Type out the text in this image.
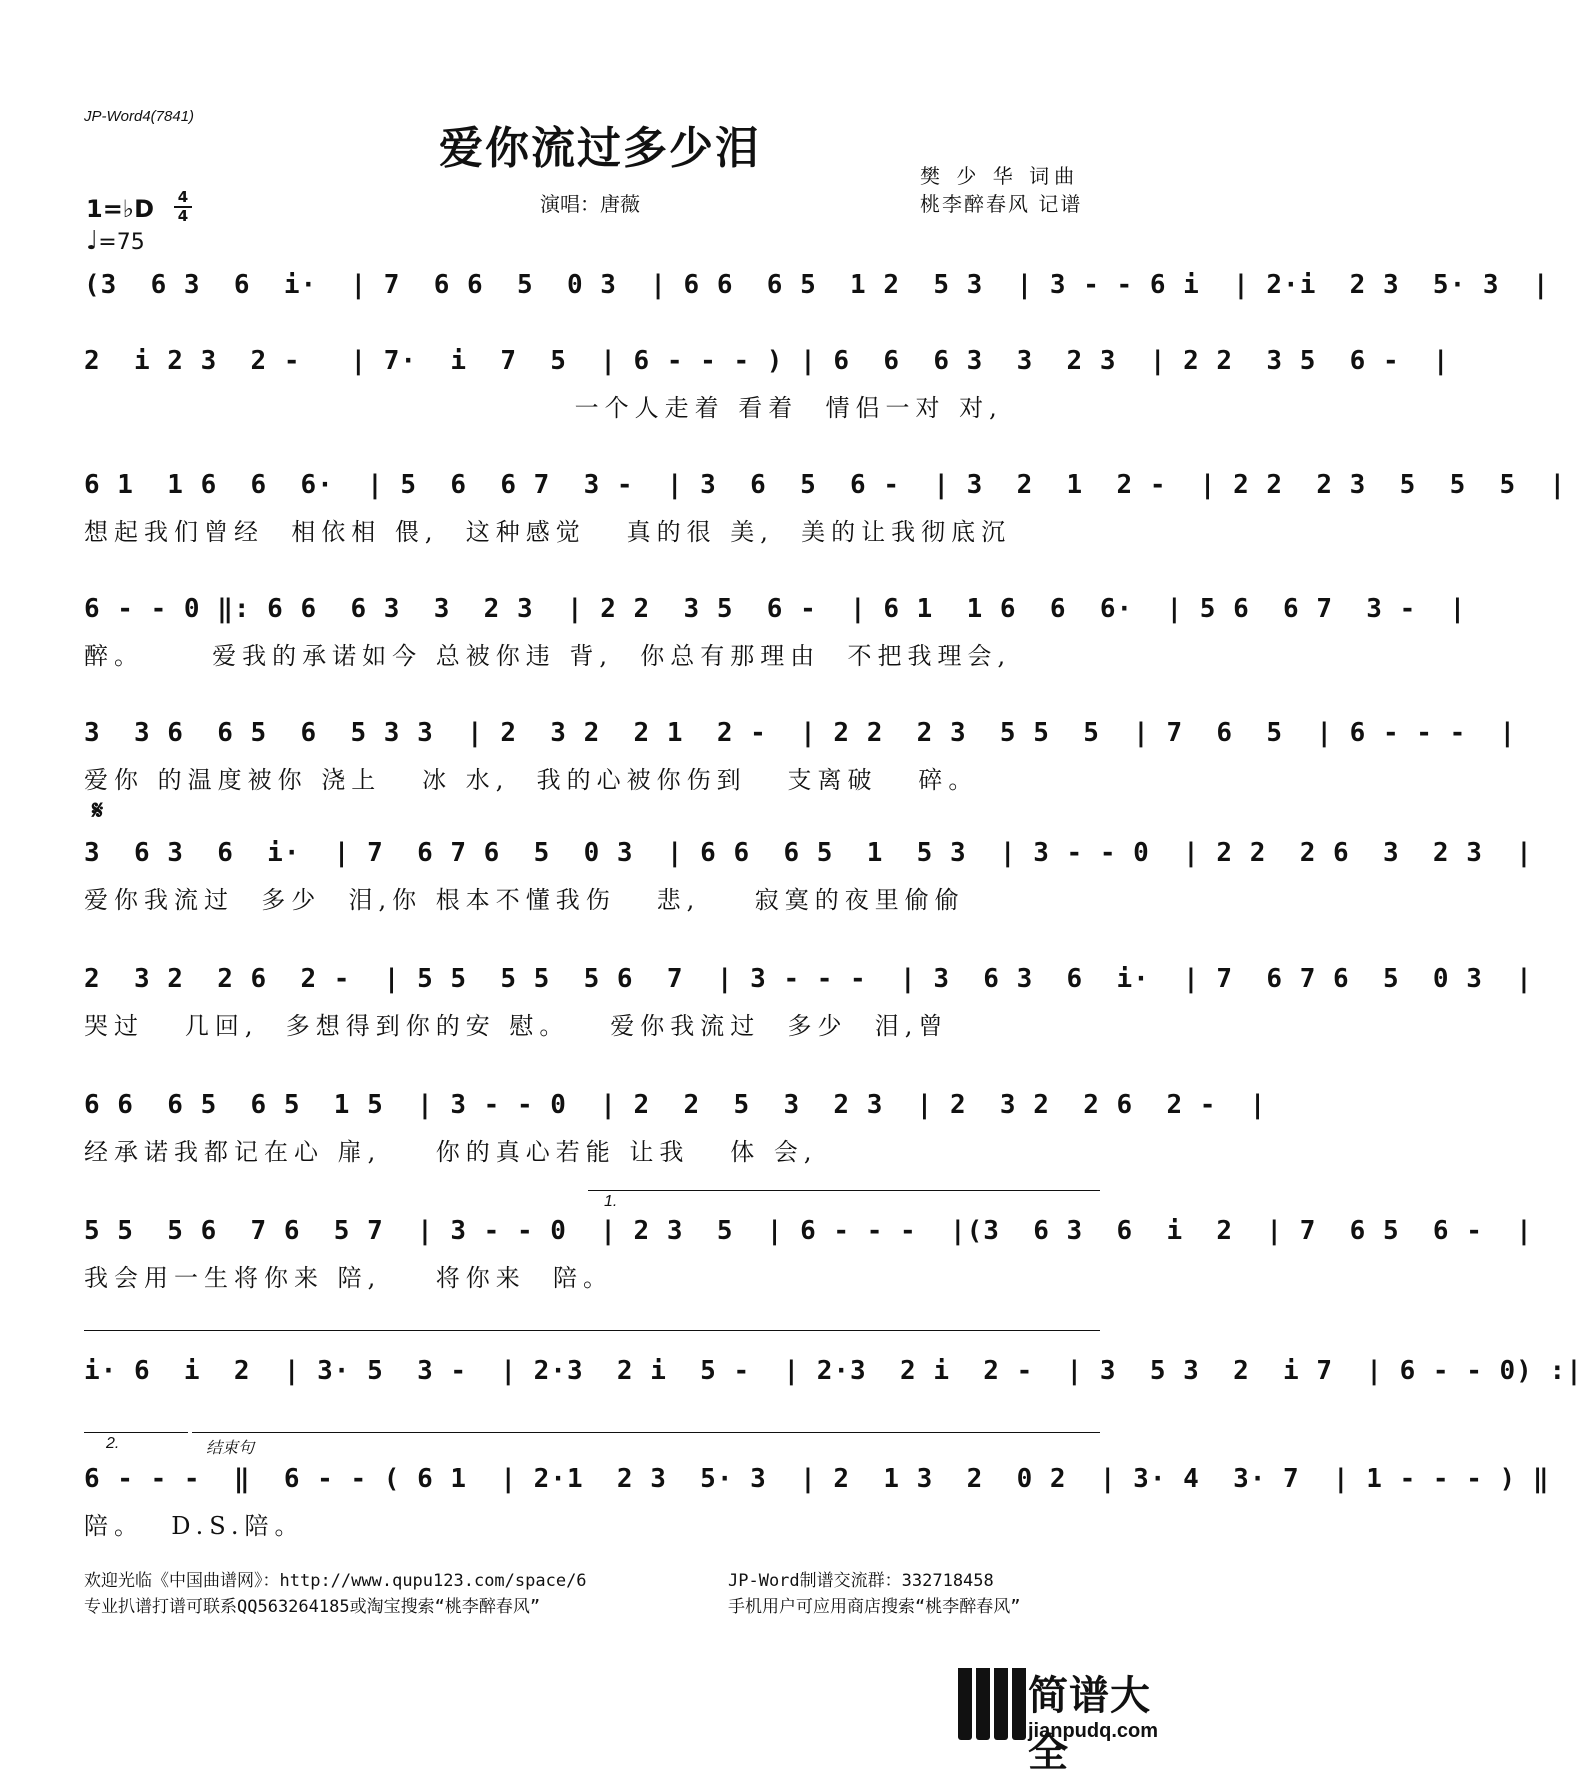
JP-Word4(7841)
爱你流过多少泪
演唱：唐薇
樊 少 华 词曲
桃李醉春风 记谱
1=♭D	4
4
♩=75
(3  6 3  6  i·  | 7  6 6  5  0 3  | 6 6  6 5  1 2  5 3  | 3 - - 6 i  | 2·i  2 3  5· 3  |
2  i 2 3  2 -   | 7·  i  7  5  | 6 - - - ) | 6  6  6 3  3  2 3  | 2 2  3 5  6 -  |
一个人走着 看着  情侣一对 对,
6 1  1 6  6  6·  | 5  6  6 7  3 -  | 3  6  5  6 -  | 3  2  1  2 -  | 2 2  2 3  5  5  5  |
想起我们曾经  相依相 偎,  这种感觉   真的很 美,  美的让我彻底沉
6 - - 0 ‖: 6 6  6 3  3  2 3  | 2 2  3 5  6 -  | 6 1  1 6  6  6·  | 5 6  6 7  3 -  |
醉。     爱我的承诺如今 总被你违 背,  你总有那理由  不把我理会,
3  3 6  6 5  6  5 3 3  | 2  3 2  2 1  2 -  | 2 2  2 3  5 5  5  | 7  6  5  | 6 - - -  |
爱你 的温度被你 浇上   冰 水,  我的心被你伤到   支离破   碎。
3  6 3  6  i·  | 7  6 7 6  5  0 3  | 6 6  6 5  1  5 3  | 3 - - 0  | 2 2  2 6  3  2 3  |
爱你我流过  多少  泪,你 根本不懂我伤   悲,    寂寞的夜里偷偷
2  3 2  2 6  2 -  | 5 5  5 5  5 6  7  | 3 - - -  | 3  6 3  6  i·  | 7  6 7 6  5  0 3  |
哭过   几回,  多想得到你的安 慰。   爱你我流过  多少  泪,曾
6 6  6 5  6 5  1 5  | 3 - - 0  | 2  2  5  3  2 3  | 2  3 2  2 6  2 -  |
经承诺我都记在心 扉,    你的真心若能 让我   体 会,
5 5  5 6  7 6  5 7  | 3 - - 0  | 2 3  5  | 6 - - -  |(3  6 3  6  i  2  | 7  6 5  6 -  |
我会用一生将你来 陪,    将你来  陪。
i· 6  i  2  | 3· 5  3 -  | 2·3  2 i  5 -  | 2·3  2 i  2 -  | 3  5 3  2  i 7  | 6 - - 0) :|
6 - - -  ‖  6 - - ( 6 1  | 2·1  2 3  5· 3  | 2  1 3  2  0 2  | 3· 4  3· 7  | 1 - - - ) ‖
陪。  D.S.陪。
𝄋
1.
2.	结束句
欢迎光临《中国曲谱网》：http://www.qupu123.com/space/6
专业扒谱打谱可联系QQ563264185或淘宝搜索“桃李醉春风”
JP-Word制谱交流群：332718458
手机用户可应用商店搜索“桃李醉春风”
简谱大全
jianpudq.com
